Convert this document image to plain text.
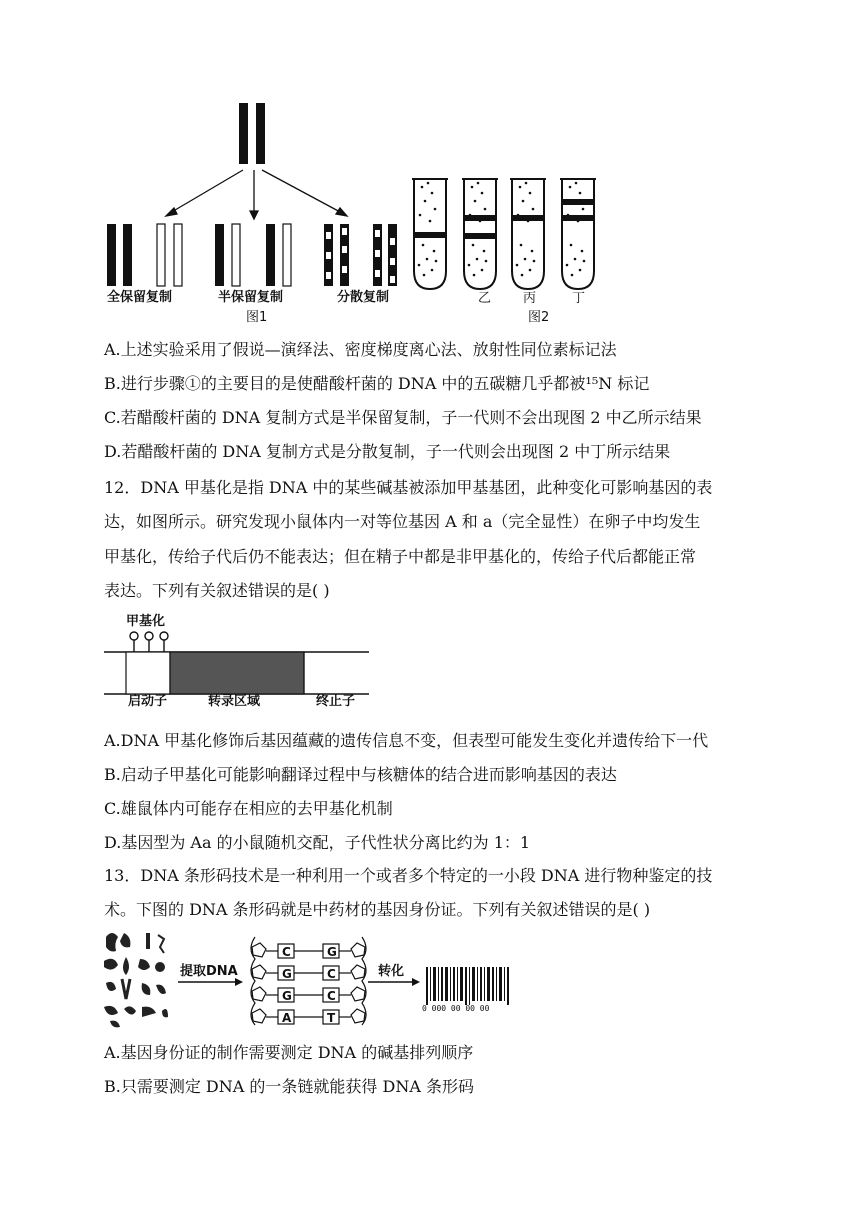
全保留复制	半保留复制	分散复制
图1
乙 丙	丁
图2
A.上述实验采用了假说—演绎法、密度梯度离心法、放射性同位素标记法
B.进行步骤①的主要目的是使醋酸杆菌的 DNA 中的五碳糖几乎都被¹⁵N 标记
C.若醋酸杆菌的 DNA 复制方式是半保留复制，子一代则不会出现图 2 中乙所示结果
D.若醋酸杆菌的 DNA 复制方式是分散复制，子一代则会出现图 2 中丁所示结果
12．DNA 甲基化是指 DNA 中的某些碱基被添加甲基基团，此种变化可影响基因的表
达，如图所示。研究发现小鼠体内一对等位基因 A 和 a（完全显性）在卵子中均发生
甲基化，传给子代后仍不能表达；但在精子中都是非甲基化的，传给子代后都能正常
表达。下列有关叙述错误的是( )
甲基化
启动子	转录区域	终止子
A.DNA 甲基化修饰后基因蕴藏的遗传信息不变，但表型可能发生变化并遗传给下一代
B.启动子甲基化可能影响翻译过程中与核糖体的结合进而影响基因的表达
C.雄鼠体内可能存在相应的去甲基化机制
D.基因型为 Aa 的小鼠随机交配，子代性状分离比约为 1：1
13．DNA 条形码技术是一种利用一个或者多个特定的一小段 DNA 进行物种鉴定的技
术。下图的 DNA 条形码就是中药材的基因身份证。下列有关叙述错误的是( )
C	G
G	C
G	C
A	T
0 000 00 00 00
提取DNA	转化
A.基因身份证的制作需要测定 DNA 的碱基排列顺序
B.只需要测定 DNA 的一条链就能获得 DNA 条形码
